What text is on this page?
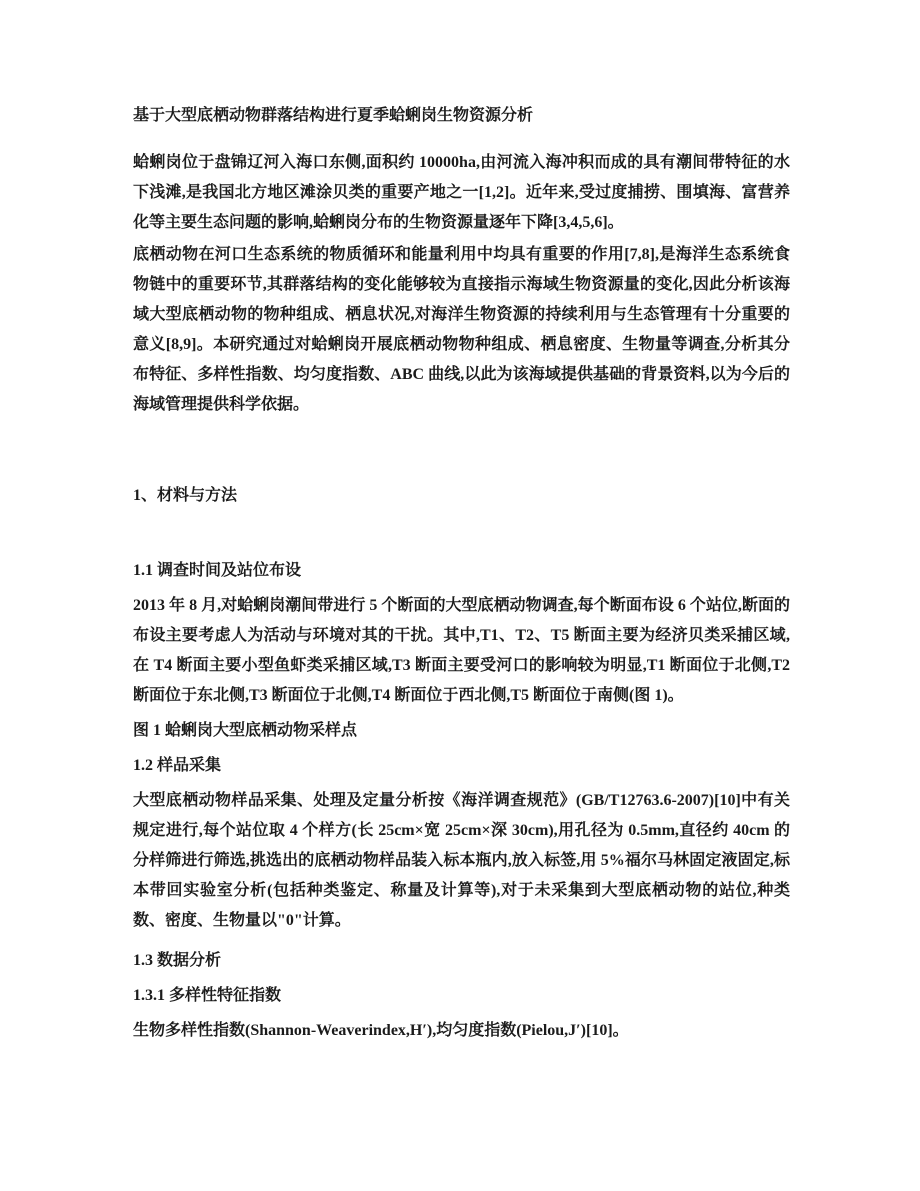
基于大型底栖动物群落结构进行夏季蛤蜊岗生物资源分析
蛤蜊岗位于盘锦辽河入海口东侧,面积约 10000ha,由河流入海冲积而成的具有潮间带特征的水下浅滩,是我国北方地区滩涂贝类的重要产地之一[1,2]。近年来,受过度捕捞、围填海、富营养化等主要生态问题的影响,蛤蜊岗分布的生物资源量逐年下降[3,4,5,6]。
底栖动物在河口生态系统的物质循环和能量利用中均具有重要的作用[7,8],是海洋生态系统食物链中的重要环节,其群落结构的变化能够较为直接指示海域生物资源量的变化,因此分析该海域大型底栖动物的物种组成、栖息状况,对海洋生物资源的持续利用与生态管理有十分重要的意义[8,9]。本研究通过对蛤蜊岗开展底栖动物物种组成、栖息密度、生物量等调查,分析其分布特征、多样性指数、均匀度指数、ABC 曲线,以此为该海域提供基础的背景资料,以为今后的海域管理提供科学依据。
1、材料与方法
1.1 调查时间及站位布设
2013 年 8 月,对蛤蜊岗潮间带进行 5 个断面的大型底栖动物调查,每个断面布设 6 个站位,断面的布设主要考虑人为活动与环境对其的干扰。其中,T1、T2、T5 断面主要为经济贝类采捕区域,在 T4 断面主要小型鱼虾类采捕区域,T3 断面主要受河口的影响较为明显,T1 断面位于北侧,T2 断面位于东北侧,T3 断面位于北侧,T4 断面位于西北侧,T5 断面位于南侧(图 1)。
图 1 蛤蜊岗大型底栖动物采样点
1.2 样品采集
大型底栖动物样品采集、处理及定量分析按《海洋调查规范》(GB/T12763.6-2007)[10]中有关规定进行,每个站位取 4 个样方(长 25cm×宽 25cm×深 30cm),用孔径为 0.5mm,直径约 40cm 的分样筛进行筛选,挑选出的底栖动物样品装入标本瓶内,放入标签,用 5%福尔马林固定液固定,标本带回实验室分析(包括种类鉴定、称量及计算等),对于未采集到大型底栖动物的站位,种类数、密度、生物量以"0"计算。
1.3 数据分析
1.3.1 多样性特征指数
生物多样性指数(Shannon-Weaverindex,H′),均匀度指数(Pielou,J′)[10]。
